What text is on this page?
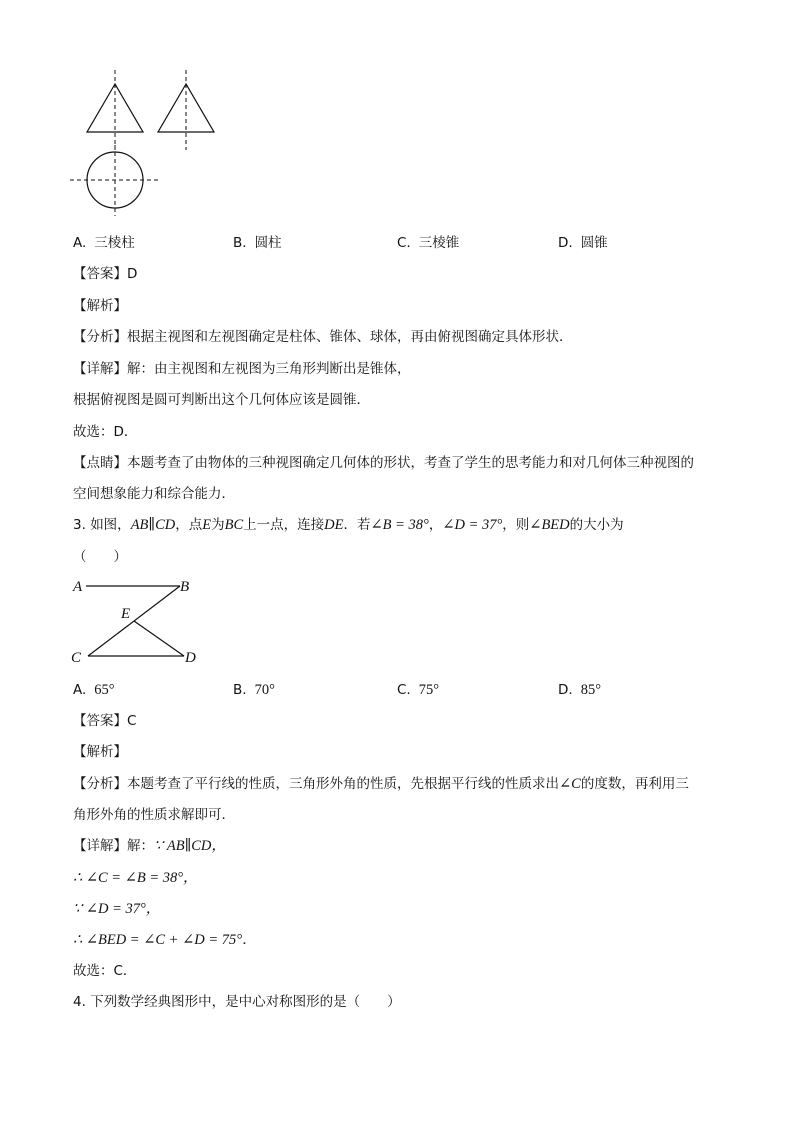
A. 三棱柱	B. 圆柱	C. 三棱锥	D. 圆锥
【答案】D
【解析】
【分析】根据主视图和左视图确定是柱体、锥体、球体，再由俯视图确定具体形状．
【详解】解：由主视图和左视图为三角形判断出是锥体，
根据俯视图是圆可判断出这个几何体应该是圆锥．
故选：D．
【点睛】本题考查了由物体的三种视图确定几何体的形状，考查了学生的思考能力和对几何体三种视图的
空间想象能力和综合能力．
3. 如图，AB∥CD，点E为BC上一点，连接DE．若∠B = 38°，∠D = 37°，则∠BED的大小为
（　　）
A	B
E
C	D
A. 65°	B. 70°	C. 75°	D. 85°
【答案】C
【解析】
【分析】本题考查了平行线的性质，三角形外角的性质，先根据平行线的性质求出∠C的度数，再利用三
角形外角的性质求解即可．
【详解】解：∵ AB∥CD，
∴ ∠C = ∠B = 38°，
∵ ∠D = 37°，
∴ ∠BED = ∠C + ∠D = 75°．
故选：C．
4. 下列数学经典图形中，是中心对称图形的是（　　）
